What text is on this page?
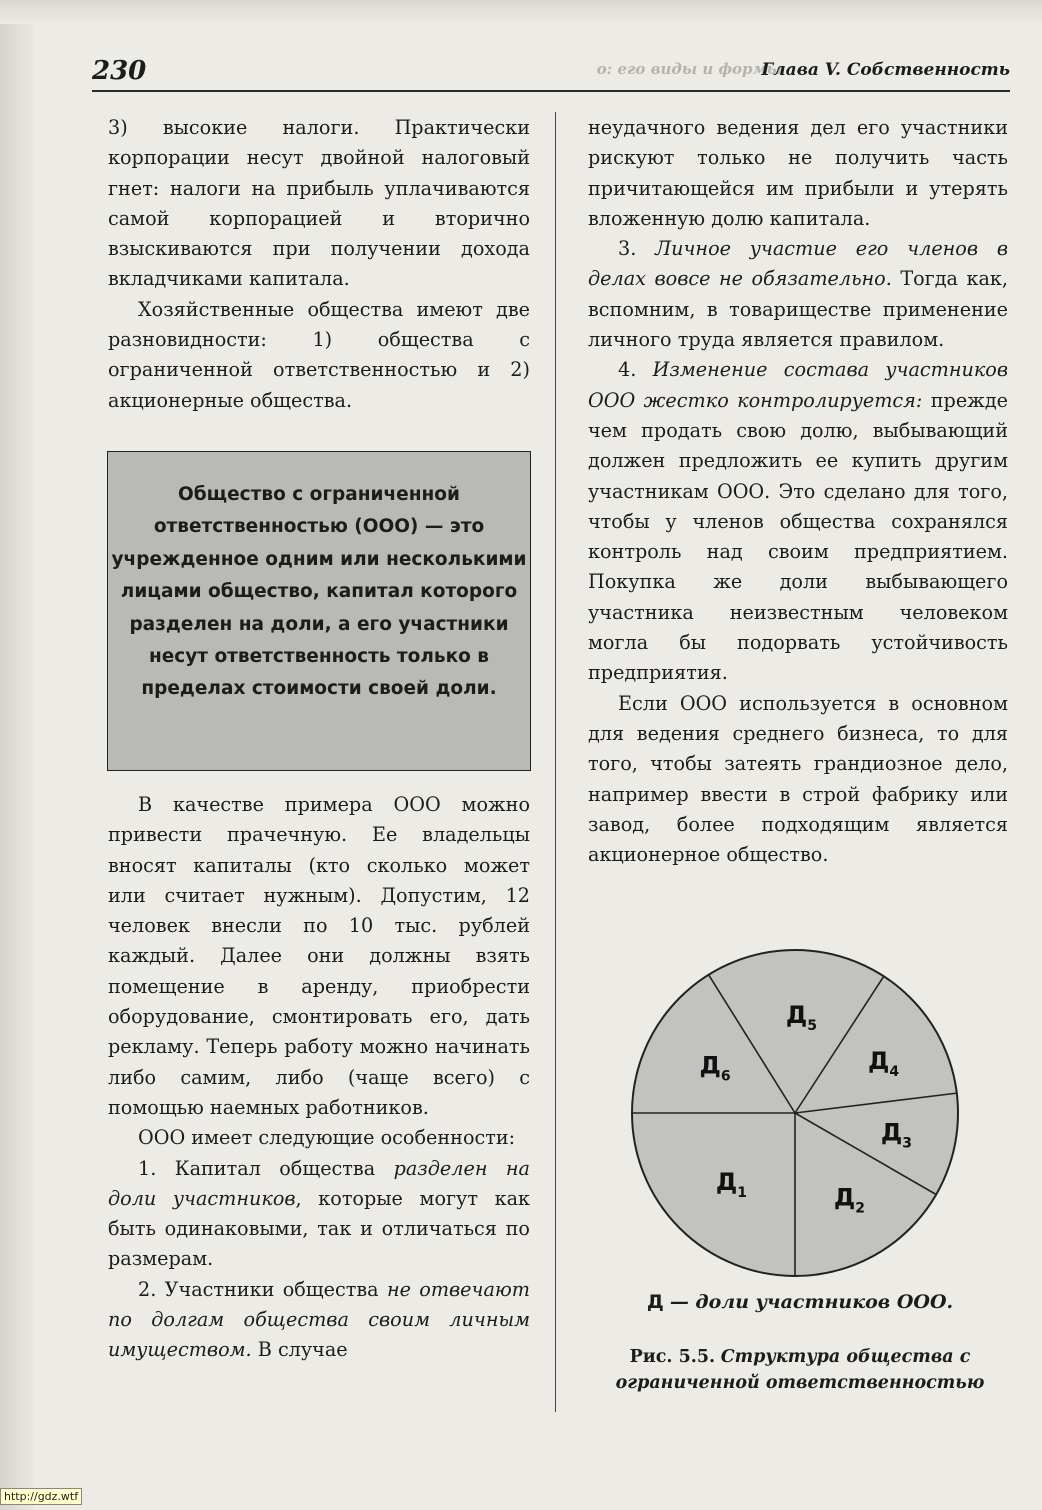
о: его виды и формы
230	Глава V. Собственность

3) высокие налоги. Практически корпорации несут двойной налоговый гнет: налоги на прибыль уплачиваются самой корпорацией и вторично взыскиваются при получении дохода вкладчиками капитала.

Хозяйственные общества имеют две разновидности: 1) общества с ограниченной ответственностью и 2) акционерные общества.

Общество с ограниченной ответственностью (ООО) — это учрежденное одним или несколькими лицами общество, капитал которого разделен на доли, а его участники несут ответственность только в пределах стоимости своей доли.

В качестве примера ООО можно привести прачечную. Ее владельцы вносят капиталы (кто сколько может или считает нужным). Допустим, 12 человек внесли по 10 тыс. рублей каждый. Далее они должны взять помещение в аренду, приобрести оборудование, смонтировать его, дать рекламу. Теперь работу можно начинать либо самим, либо (чаще всего) с помощью наемных работников.

ООО имеет следующие особенности:

1. Капитал общества разделен на доли участников, которые могут как быть одинаковыми, так и отличаться по размерам.

2. Участники общества не отвечают по долгам общества своим личным имуществом. В случае

неудачного ведения дел его участники рискуют только не получить часть причитающейся им прибыли и утерять вложенную долю капитала.

3. Личное участие его членов в делах вовсе не обязательно. Тогда как, вспомним, в товариществе применение личного труда является правилом.

4. Изменение состава участников ООО жестко контролируется: прежде чем продать свою долю, выбывающий должен предложить ее купить другим участникам ООО. Это сделано для того, чтобы у членов общества сохранялся контроль над своим предприятием. Покупка же доли выбывающего участника неизвестным человеком могла бы подорвать устойчивость предприятия.

Если ООО используется в основном для ведения среднего бизнеса, то для того, чтобы затеять грандиозное дело, например ввести в строй фабрику или завод, более подходящим является акционерное общество.

$Д_1$	$Д_2$
$Д_3$
$Д_4$
$Д_5$
$Д_6$
Д — доли участников ООО.
Рис. 5.5. Структура общества с ограниченной ответственностью
http://gdz.wtf
